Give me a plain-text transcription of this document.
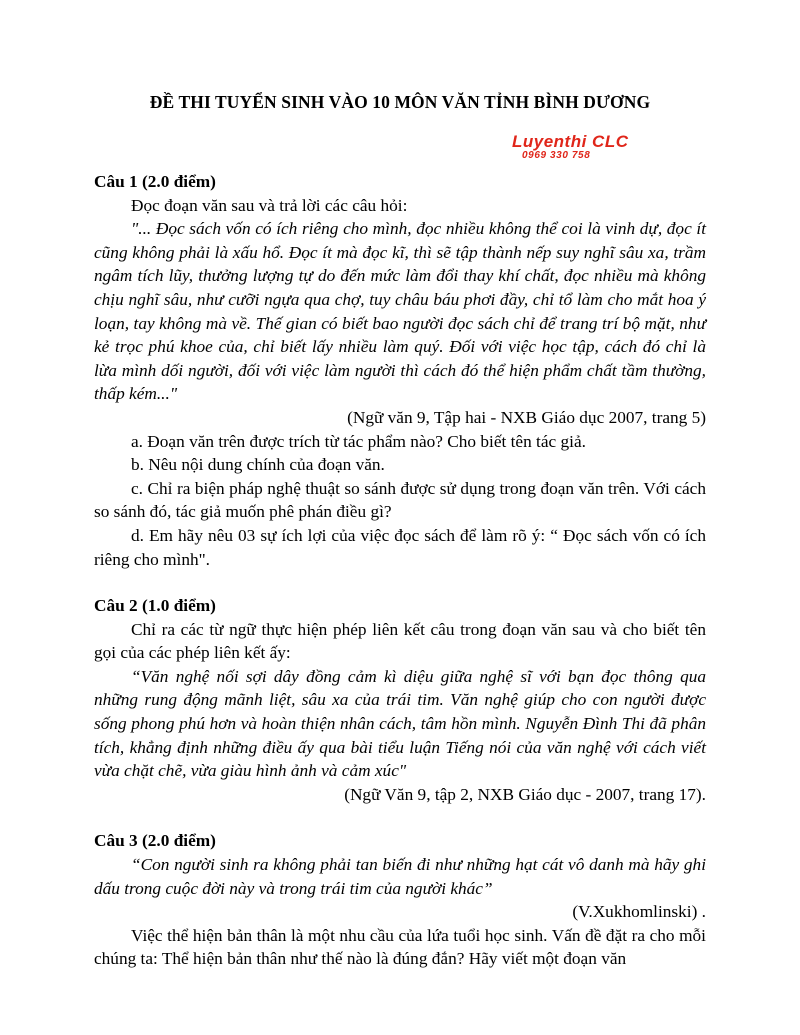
ĐỀ THI TUYỂN SINH VÀO 10 MÔN VĂN TỈNH BÌNH DƯƠNG
Luyenthi CLC
0969 330 758

Câu 1 (2.0 điểm)

Đọc đoạn văn sau và trả lời các câu hỏi:

"... Đọc sách vốn có ích riêng cho mình, đọc nhiều không thể coi là vinh dự, đọc ít cũng không phải là xấu hổ. Đọc ít mà đọc kĩ, thì sẽ tập thành nếp suy nghĩ sâu xa, trầm ngâm tích lũy, thưởng lượng tự do đến mức làm đổi thay khí chất, đọc nhiều mà không chịu nghĩ sâu, như cưỡi ngựa qua chợ, tuy châu báu phơi đầy, chỉ tổ làm cho mắt hoa ý loạn, tay không mà về. Thế gian có biết bao người đọc sách chỉ để trang trí bộ mặt, như kẻ trọc phú khoe của, chỉ biết lấy nhiều làm quý. Đối với việc học tập, cách đó chỉ là lừa mình dối người, đối với việc làm người thì cách đó thể hiện phẩm chất tầm thường, thấp kém..."

(Ngữ văn 9, Tập hai - NXB Giáo dục 2007, trang 5)

a. Đoạn văn trên được trích từ tác phẩm nào? Cho biết tên tác giả.

b. Nêu nội dung chính của đoạn văn.

c. Chỉ ra biện pháp nghệ thuật so sánh được sử dụng trong đoạn văn trên. Với cách so sánh đó, tác giả muốn phê phán điều gì?

d. Em hãy nêu 03 sự ích lợi của việc đọc sách để làm rõ ý: “ Đọc sách vốn có ích riêng cho mình".

Câu 2 (1.0 điểm)

Chỉ ra các từ ngữ thực hiện phép liên kết câu trong đoạn văn sau và cho biết tên gọi của các phép liên kết ấy:

“Văn nghệ nối sợi dây đồng cảm kì diệu giữa nghệ sĩ với bạn đọc thông qua những rung động mãnh liệt, sâu xa của trái tim. Văn nghệ giúp cho con người được sống phong phú hơn và hoàn thiện nhân cách, tâm hồn mình. Nguyễn Đình Thi đã phân tích, khẳng định những điều ấy qua bài tiểu luận Tiếng nói của văn nghệ với cách viết vừa chặt chẽ, vừa giàu hình ảnh và cảm xúc"

(Ngữ Văn 9, tập 2, NXB Giáo dục - 2007, trang 17).

Câu 3 (2.0 điểm)

“Con người sinh ra không phải tan biến đi như những hạt cát vô danh mà hãy ghi dấu trong cuộc đời này và trong trái tim của người khác”

(V.Xukhomlinski) .

Việc thể hiện bản thân là một nhu cầu của lứa tuổi học sinh. Vấn đề đặt ra cho mỗi chúng ta: Thể hiện bản thân như thế nào là đúng đắn? Hãy viết một đoạn văn
